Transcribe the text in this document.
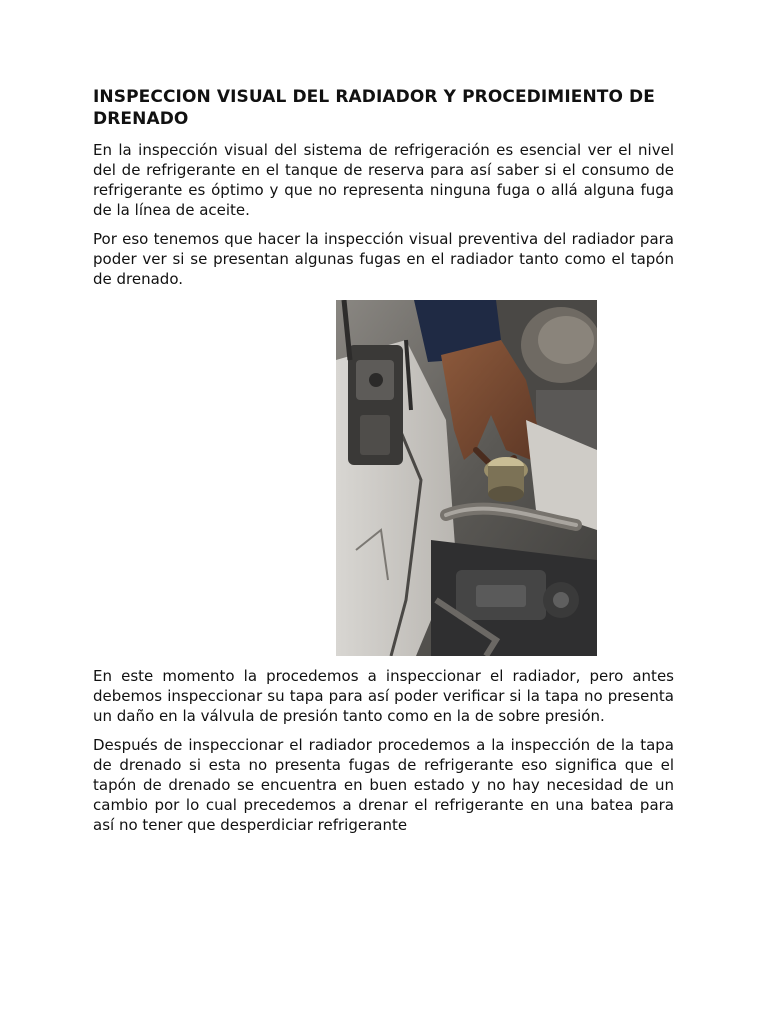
INSPECCION VISUAL DEL RADIADOR Y PROCEDIMIENTO DE DRENADO

En la inspección visual del sistema de refrigeración es esencial ver el nivel del de refrigerante en el tanque de reserva para así saber si el consumo de refrigerante es óptimo y que no representa ninguna fuga o allá alguna fuga de la línea de aceite.

Por eso tenemos que hacer la inspección visual preventiva del radiador para poder ver si se presentan algunas fugas en el radiador tanto como el tapón de drenado.

En este momento la procedemos a inspeccionar el radiador, pero antes debemos inspeccionar su tapa para así poder verificar si la tapa no presenta un daño en la válvula de presión tanto como en la de sobre presión.

Después de inspeccionar el radiador procedemos a la inspección de la tapa de drenado si esta no presenta fugas de refrigerante eso significa que el tapón de drenado se encuentra en buen estado y no hay necesidad de un cambio por lo cual precedemos a drenar el refrigerante en una batea para así no tener que desperdiciar refrigerante
